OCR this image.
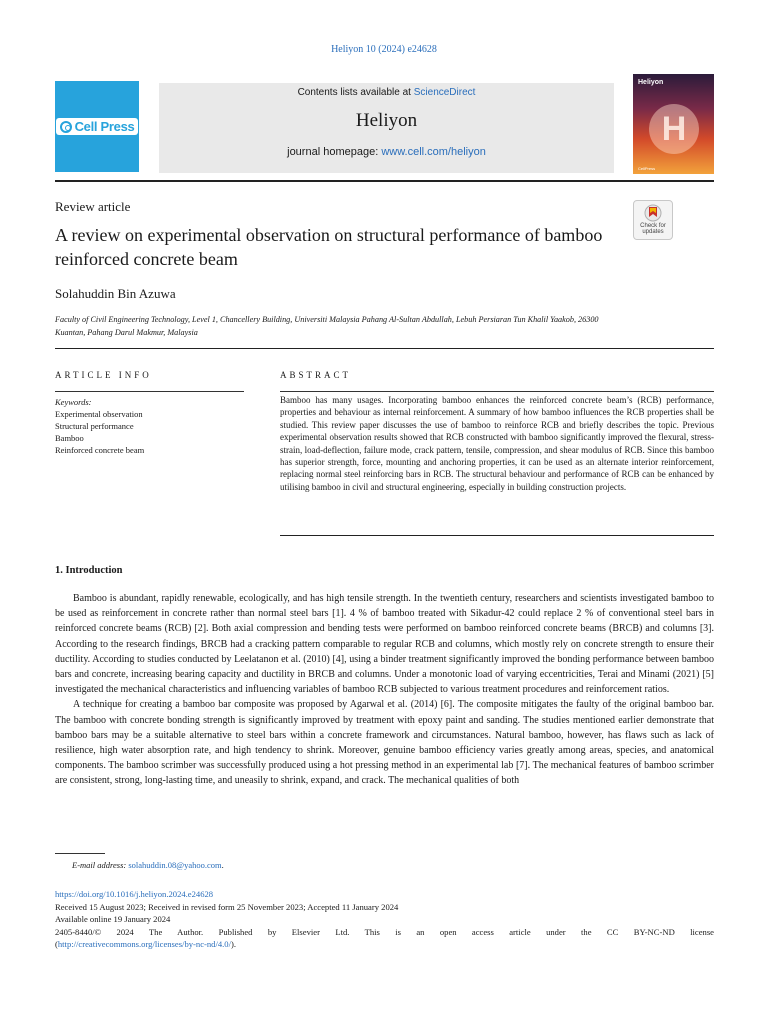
Heliyon 10 (2024) e24628
Cell Press
Contents lists available at ScienceDirect
Heliyon
journal homepage: www.cell.com/heliyon
Heliyon
H
CellPress
Review article
Check for updates
A review on experimental observation on structural performance of bamboo reinforced concrete beam
Solahuddin Bin Azuwa
Faculty of Civil Engineering Technology, Level 1, Chancellery Building, Universiti Malaysia Pahang Al-Sultan Abdullah, Lebuh Persiaran Tun Khalil Yaakob, 26300 Kuantan, Pahang Darul Makmur, Malaysia
ARTICLE INFO	ABSTRACT
Keywords:
Experimental observation
Structural performance
Bamboo
Reinforced concrete beam
Bamboo has many usages. Incorporating bamboo enhances the reinforced concrete beam’s (RCB) performance, properties and behaviour as internal reinforcement. A summary of how bamboo influences the RCB properties shall be studied. This review paper discusses the use of bamboo to reinforce RCB and briefly describes the topic. Previous experimental observation results showed that RCB constructed with bamboo significantly improved the flexural, stress-strain, load-deflection, failure mode, crack pattern, tensile, compression, and shear modulus of RCB. Since this bamboo has superior strength, force, mounting and anchoring properties, it can be used as an alternate interior reinforcement, replacing normal steel reinforcing bars in RCB. The structural behaviour and performance of RCB can be enhanced by utilising bamboo in civil and structural engineering, especially in building construction projects.
1. Introduction

Bamboo is abundant, rapidly renewable, ecologically, and has high tensile strength. In the twentieth century, researchers and scientists investigated bamboo to be used as reinforcement in concrete rather than normal steel bars [1]. 4 % of bamboo treated with Sikadur-42 could replace 2 % of conventional steel bars in reinforced concrete beams (RCB) [2]. Both axial compression and bending tests were performed on bamboo reinforced concrete beams (BRCB) and columns [3]. According to the research findings, BRCB had a cracking pattern comparable to regular RCB and columns, which mostly rely on concrete strength to ensure their ductility. According to studies conducted by Leelatanon et al. (2010) [4], using a binder treatment significantly improved the bonding performance between bamboo bars and concrete, increasing bearing capacity and ductility in BRCB and columns. Under a monotonic load of varying eccentricities, Terai and Minami (2021) [5] investigated the mechanical characteristics and influencing variables of bamboo RCB subjected to various treatment procedures and reinforcement ratios.

A technique for creating a bamboo bar composite was proposed by Agarwal et al. (2014) [6]. The composite mitigates the faulty of the original bamboo bar. The bamboo with concrete bonding strength is significantly improved by treatment with epoxy paint and sanding. The studies mentioned earlier demonstrate that bamboo bars may be a suitable alternative to steel bars within a concrete framework and circumstances. Natural bamboo, however, has flaws such as lack of resilience, high water absorption rate, and high tendency to shrink. Moreover, genuine bamboo efficiency varies greatly among areas, species, and anatomical components. The bamboo scrimber was successfully produced using a hot pressing method in an experimental lab [7]. The mechanical features of bamboo scrimber are consistent, strong, long-lasting time, and uneasily to shrink, expand, and crack. The mechanical qualities of both

E-mail address: solahuddin.08@yahoo.com.
https://doi.org/10.1016/j.heliyon.2024.e24628
Received 15 August 2023; Received in revised form 25 November 2023; Accepted 11 January 2024
Available online 19 January 2024
2405-8440/© 2024 The Author. Published by Elsevier Ltd. This is an open access article under the CC BY-NC-ND license
(http://creativecommons.org/licenses/by-nc-nd/4.0/).
